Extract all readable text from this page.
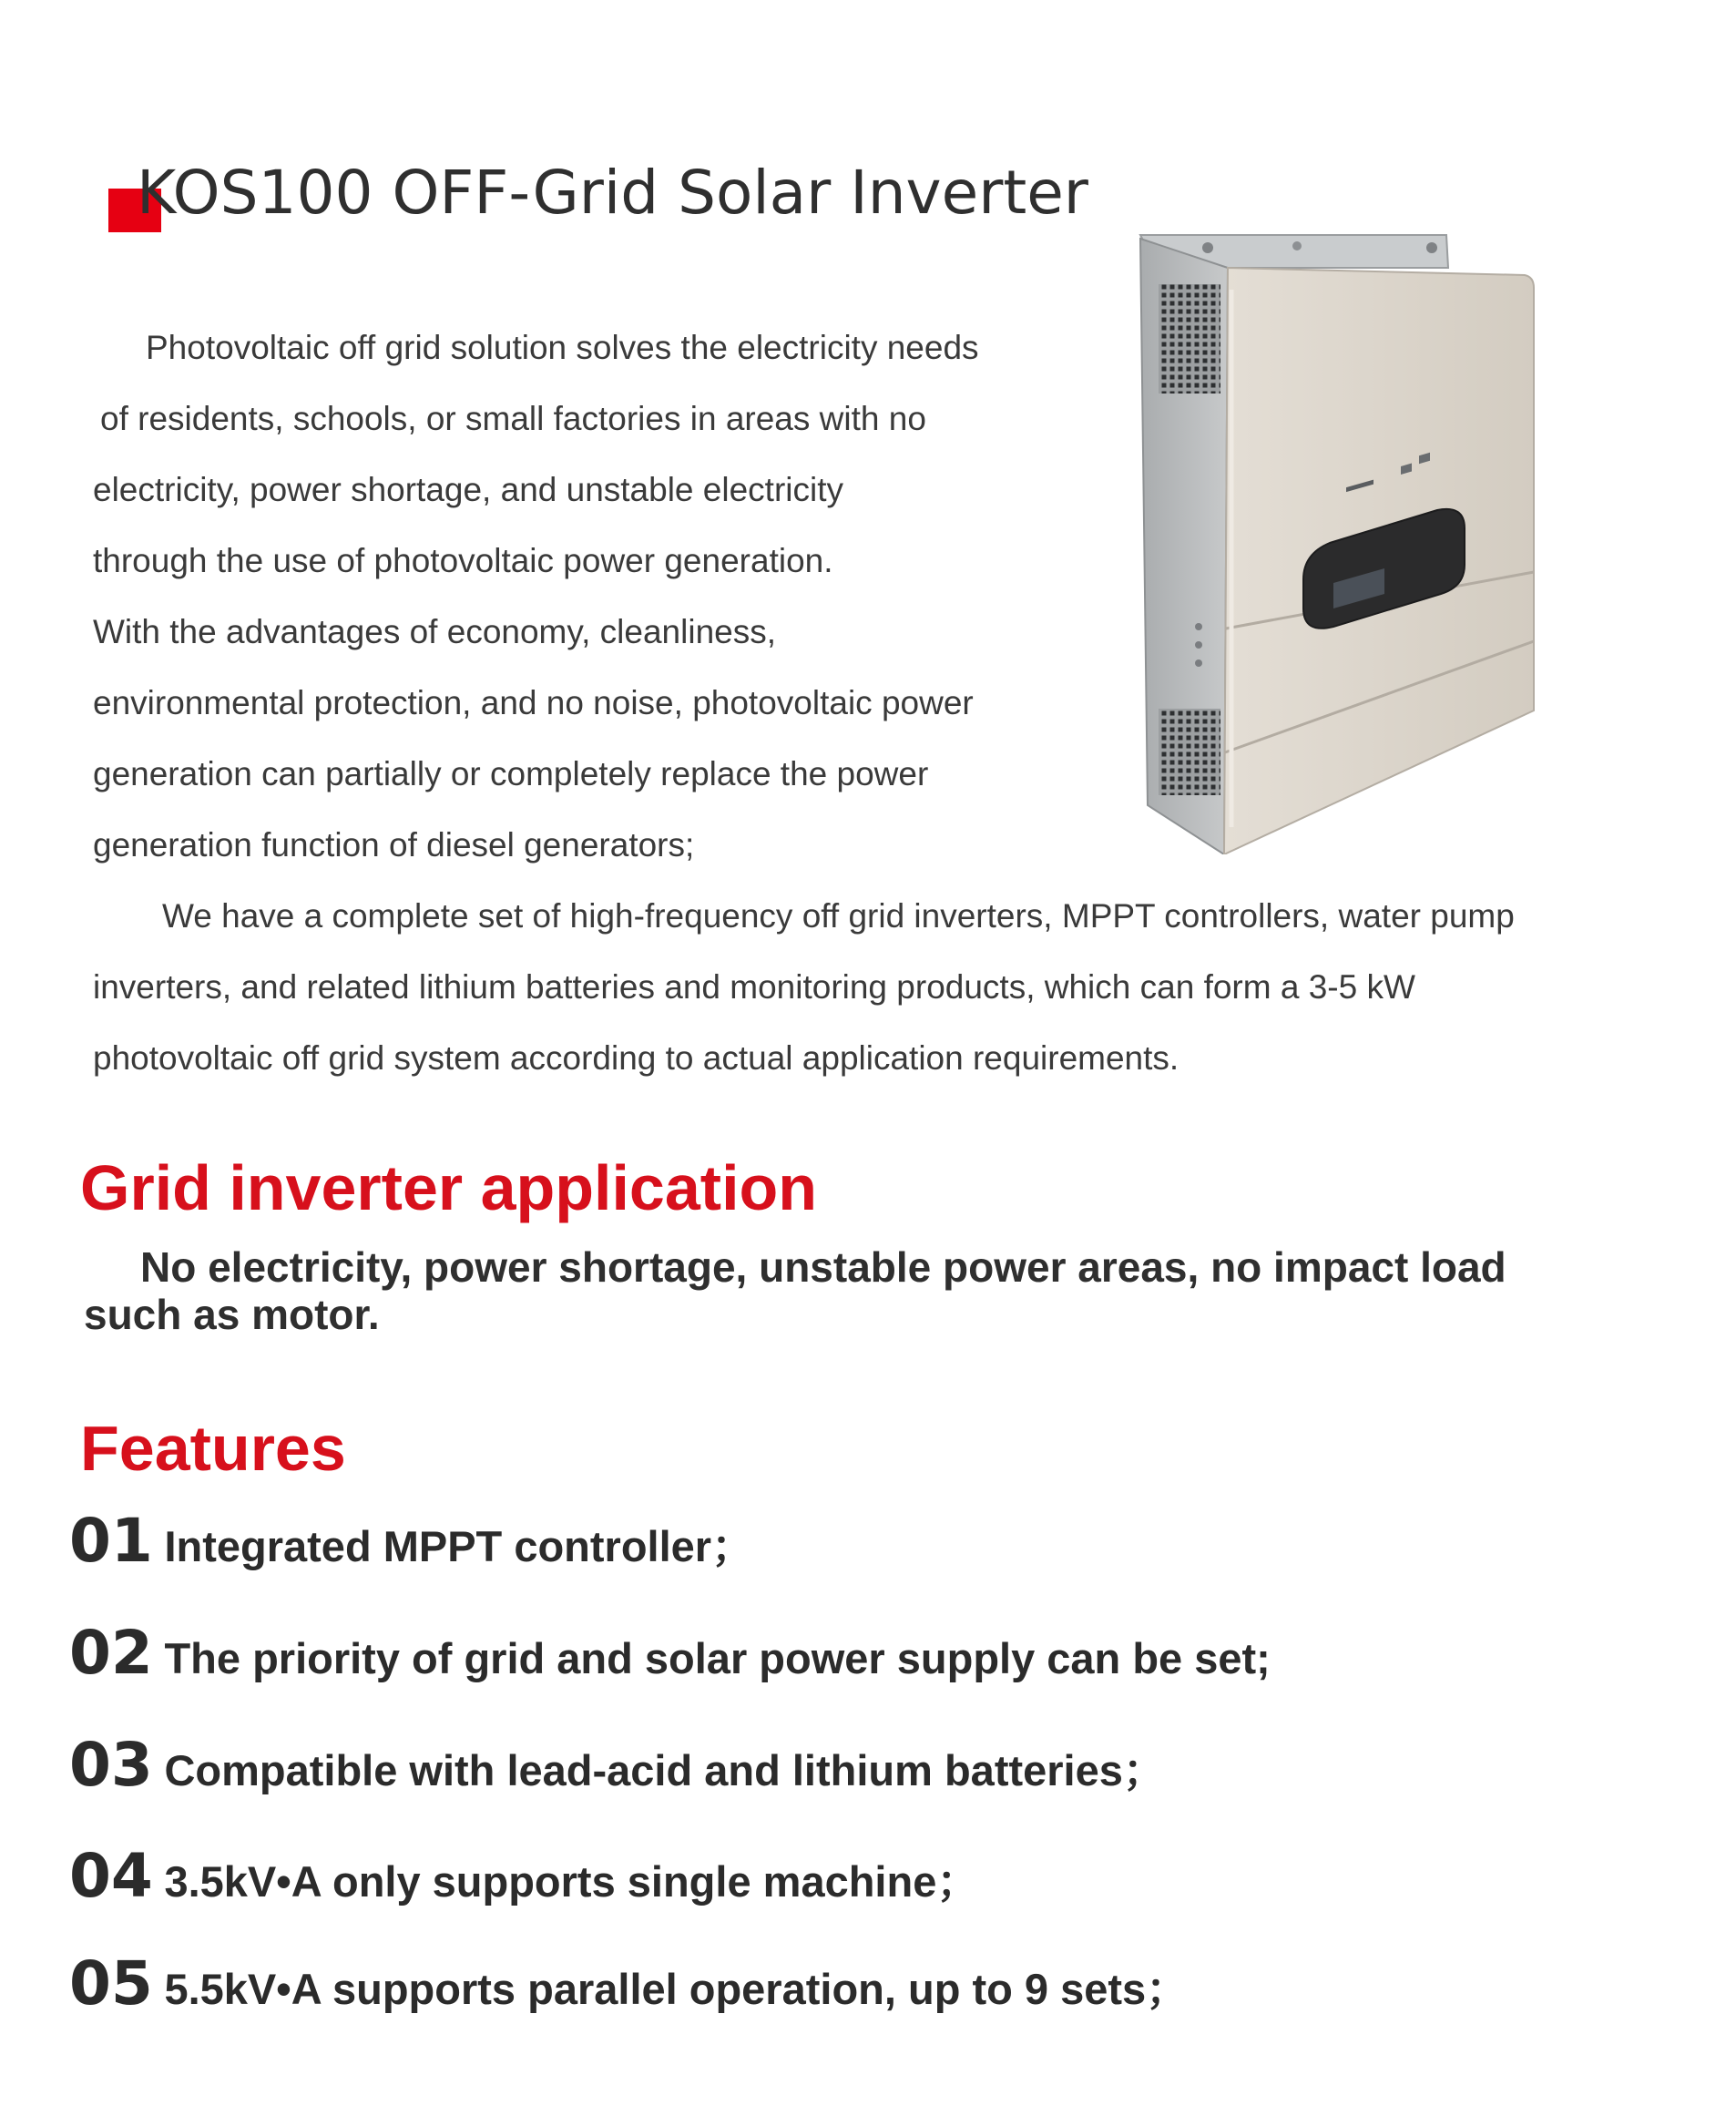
KOS100 OFF-Grid Solar Inverter
Photovoltaic off grid solution solves the electricity needs
of residents, schools, or small factories in areas with no
electricity, power shortage, and unstable electricity
through the use of photovoltaic power generation.
With the advantages of economy, cleanliness,
environmental protection, and no noise, photovoltaic power
generation can partially or completely replace the power
generation function of diesel generators;
We have a complete set of high-frequency off grid inverters, MPPT controllers, water pump
inverters, and related lithium batteries and monitoring products, which can form a 3-5 kW
photovoltaic off grid system according to actual application requirements.
Grid inverter application

No electricity, power shortage, unstable power areas, no impact load
such as motor.

Features
01 Integrated MPPT controller；
02 The priority of grid and solar power supply can be set;
03 Compatible with lead-acid and lithium batteries；
04 3.5kV•A only supports single machine；
05 5.5kV•A supports parallel operation, up to 9 sets；
